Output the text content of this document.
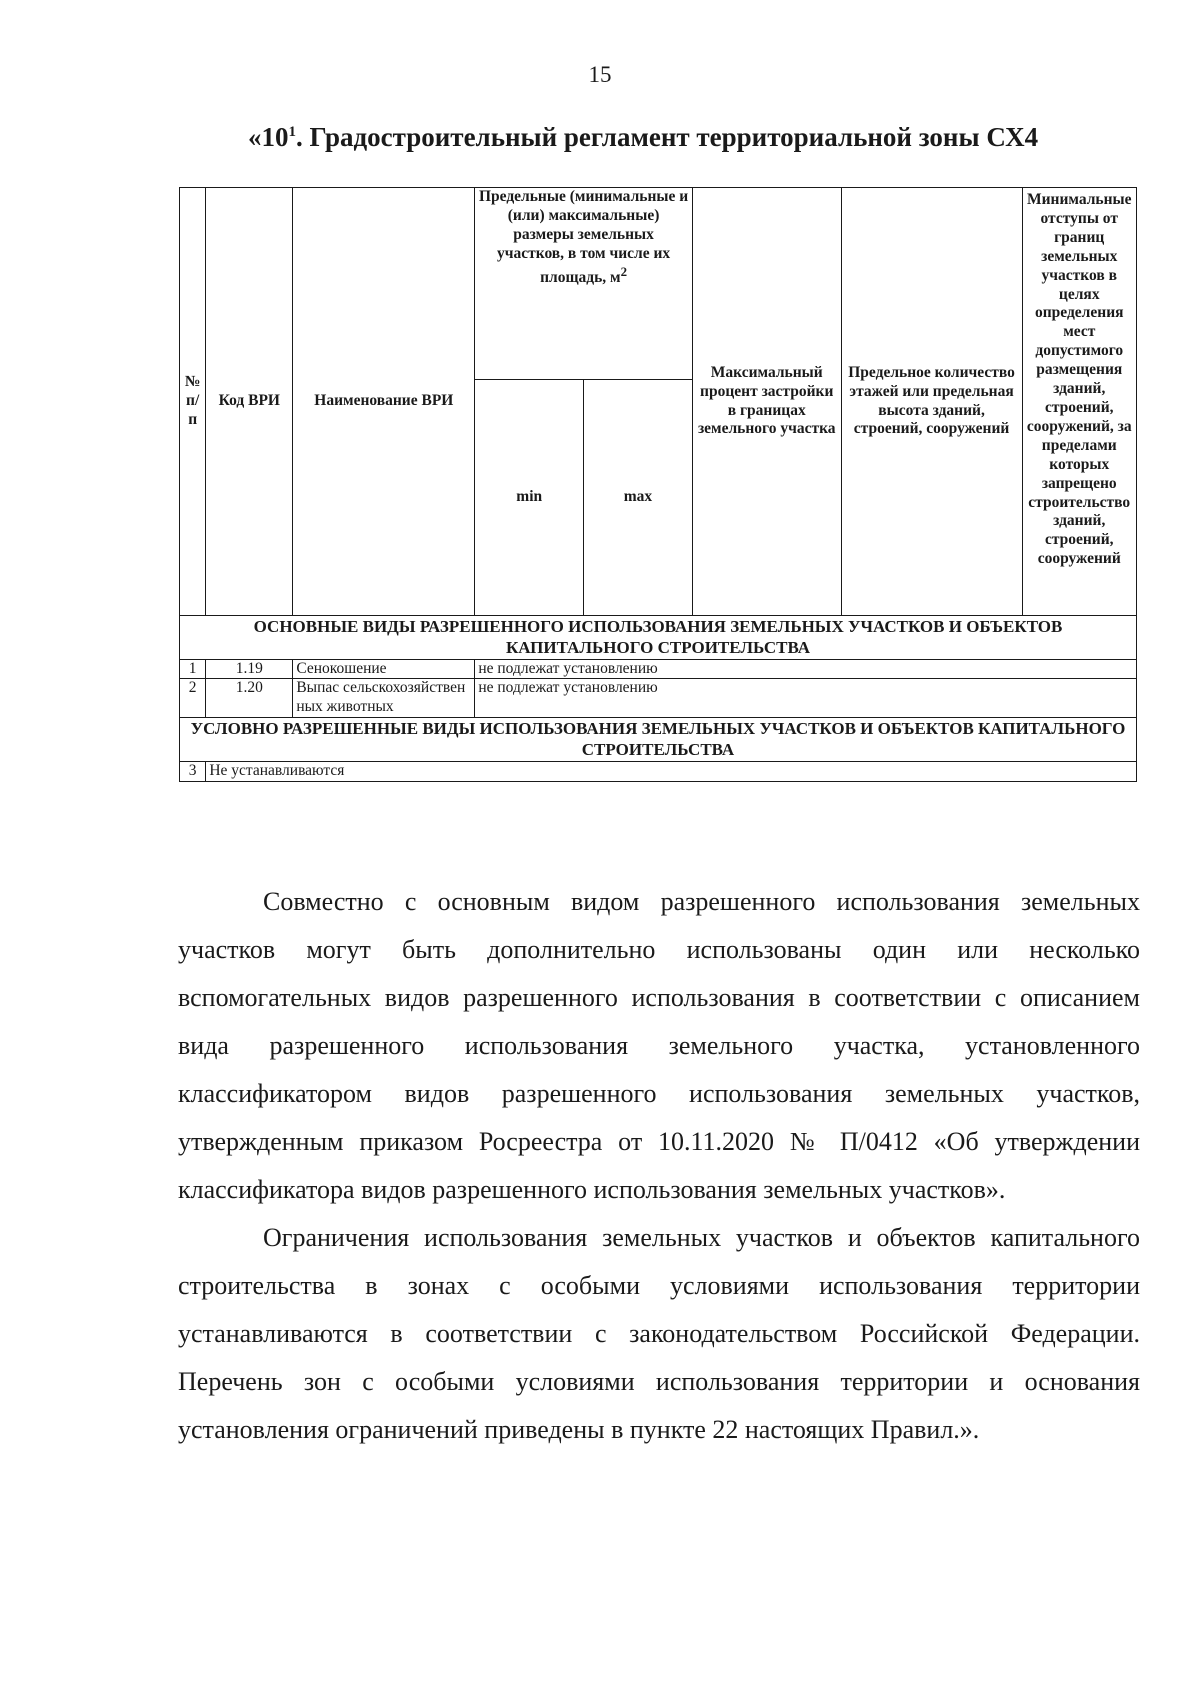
15
«$10^1$. Градостроительный регламент территориальной зоны СХ4
№ п/ п	Код ВРИ	Наименование ВРИ	Предельные (минимальные и (или) максимальные) размеры земельных участков, в том числе их площадь, $м^2$		Максимальный процент застройки в границах земельного участка	Предельное количество этажей или предельная высота зданий, строений, сооружений	Минимальные отступы от границ земельных участков в целях определения мест допустимого размещения зданий, строений, сооружений, за пределами которых запрещено строительство зданий, строений, сооружений
			min	max			
ОСНОВНЫЕ ВИДЫ РАЗРЕШЕННОГО ИСПОЛЬЗОВАНИЯ ЗЕМЕЛЬНЫХ УЧАСТКОВ И ОБЪЕКТОВ КАПИТАЛЬНОГО СТРОИТЕЛЬСТВА							
1	1.19	Сенокошение	не подлежат установлению				
2	1.20	Выпас сельскохозяйственных животных	не подлежат установлению				
УСЛОВНО РАЗРЕШЕННЫЕ ВИДЫ ИСПОЛЬЗОВАНИЯ ЗЕМЕЛЬНЫХ УЧАСТКОВ И ОБЪЕКТОВ КАПИТАЛЬНОГО СТРОИТЕЛЬСТВА							
3	Не устанавливаются						

Совместно с основным видом разрешенного использования земельных участков могут быть дополнительно использованы один или несколько вспомогательных видов разрешенного использования в соответствии с описанием вида разрешенного использования земельного участка, установленного классификатором видов разрешенного использования земельных участков, утвержденным приказом Росреестра от 10.11.2020 № П/0412 «Об утверждении классификатора видов разрешенного использования земельных участков».

Ограничения использования земельных участков и объектов капитального строительства в зонах с особыми условиями использования территории устанавливаются в соответствии с законодательством Российской Федерации. Перечень зон с особыми условиями использования территории и основания установления ограничений приведены в пункте 22 настоящих Правил.».
